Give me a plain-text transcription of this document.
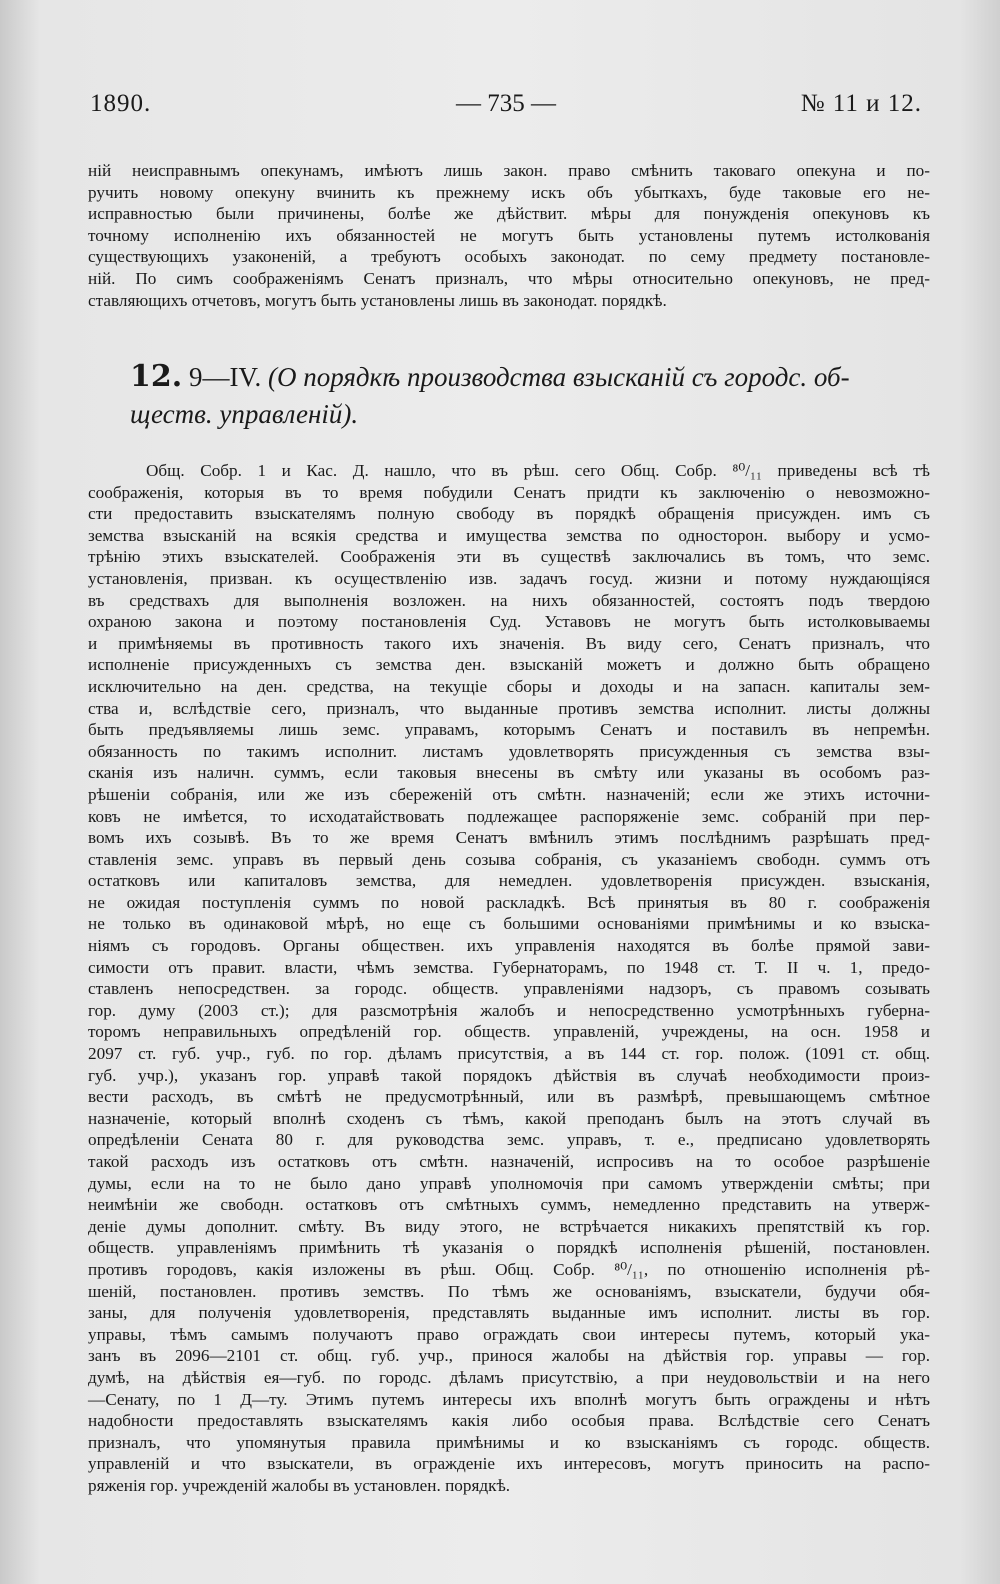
1890.	— 735 —	№ 11 и 12.

ній неисправнымъ опекунамъ, имѣютъ лишь закон. право смѣнить таковаго опекуна и по-

ручить новому опекуну вчинить къ прежнему искъ объ убыткахъ, буде таковые его не-

исправностью были причинены, болѣе же дѣйствит. мѣры для понужденія опекуновъ къ

точному исполненію ихъ обязанностей не могутъ быть установлены путемъ истолкованія

существующихъ узаконеній, а требуютъ особыхъ законодат. по сему предмету постановле-

ній. По симъ соображеніямъ Сенатъ призналъ, что мѣры относительно опекуновъ, не пред-

ставляющихъ отчетовъ, могутъ быть установлены лишь въ законодат. порядкѣ.

12. 9—IV. (О порядкѣ производства взысканій съ городс. об-
ществ. управленій).

Общ. Собр. 1 и Кас. Д. нашло, что въ рѣш. сего Общ. Собр. ⁸⁰/₁₁ приведены всѣ тѣ

соображенія, которыя въ то время побудили Сенатъ придти къ заключенію о невозможно-

сти предоставить взыскателямъ полную свободу въ порядкѣ обращенія присужден. имъ съ

земства взысканій на всякія средства и имущества земства по односторон. выбору и усмо-

трѣнію этихъ взыскателей. Соображенія эти въ существѣ заключались въ томъ, что земс.

установленія, призван. къ осуществленію изв. задачъ госуд. жизни и потому нуждающіяся

въ средствахъ для выполненія возложен. на нихъ обязанностей, состоятъ подъ твердою

охраною закона и поэтому постановленія Суд. Уставовъ не могутъ быть истолковываемы

и примѣняемы въ противность такого ихъ значенія. Въ виду сего, Сенатъ призналъ, что

исполненіе присужденныхъ съ земства ден. взысканій можетъ и должно быть обращено

исключительно на ден. средства, на текущіе сборы и доходы и на запасн. капиталы зем-

ства и, вслѣдствіе сего, призналъ, что выданные противъ земства исполнит. листы должны

быть предъявляемы лишь земс. управамъ, которымъ Сенатъ и поставилъ въ непремѣн.

обязанность по такимъ исполнит. листамъ удовлетворять присужденныя съ земства взы-

сканія изъ наличн. суммъ, если таковыя внесены въ смѣту или указаны въ особомъ раз-

рѣшеніи собранія, или же изъ сбереженій отъ смѣтн. назначеній; если же этихъ источни-

ковъ не имѣется, то исходатайствовать подлежащее распоряженіе земс. собраній при пер-

вомъ ихъ созывѣ. Въ то же время Сенатъ вмѣнилъ этимъ послѣднимъ разрѣшать пред-

ставленія земс. управъ въ первый день созыва собранія, съ указаніемъ свободн. суммъ отъ

остатковъ или капиталовъ земства, для немедлен. удовлетворенія присужден. взысканія,

не ожидая поступленія суммъ по новой раскладкѣ. Всѣ принятыя въ 80 г. соображенія

не только въ одинаковой мѣрѣ, но еще съ большими основаніями примѣнимы и ко взыска-

ніямъ съ городовъ. Органы обществен. ихъ управленія находятся въ болѣе прямой зави-

симости отъ правит. власти, чѣмъ земства. Губернаторамъ, по 1948 ст. Т. II ч. 1, предо-

ставленъ непосредствен. за городс. обществ. управленіями надзоръ, съ правомъ созывать

гор. думу (2003 ст.); для разсмотрѣнія жалобъ и непосредственно усмотрѣнныхъ губерна-

торомъ неправильныхъ опредѣленій гор. обществ. управленій, учреждены, на осн. 1958 и

2097 ст. губ. учр., губ. по гор. дѣламъ присутствія, а въ 144 ст. гор. полож. (1091 ст. общ.

губ. учр.), указанъ гор. управѣ такой порядокъ дѣйствія въ случаѣ необходимости произ-

вести расходъ, въ смѣтѣ не предусмотрѣнный, или въ размѣрѣ, превышающемъ смѣтное

назначеніе, который вполнѣ сходенъ съ тѣмъ, какой преподанъ былъ на этотъ случай въ

опредѣленіи Сената 80 г. для руководства земс. управъ, т. е., предписано удовлетворять

такой расходъ изъ остатковъ отъ смѣтн. назначеній, испросивъ на то особое разрѣшеніе

думы, если на то не было дано управѣ уполномочія при самомъ утвержденіи смѣты; при

неимѣніи же свободн. остатковъ отъ смѣтныхъ суммъ, немедленно представить на утверж-

деніе думы дополнит. смѣту. Въ виду этого, не встрѣчается никакихъ препятствій къ гор.

обществ. управленіямъ примѣнить тѣ указанія о порядкѣ исполненія рѣшеній, постановлен.

противъ городовъ, какія изложены въ рѣш. Общ. Собр. ⁸⁰/₁₁, по отношенію исполненія рѣ-

шеній, постановлен. противъ земствъ. По тѣмъ же основаніямъ, взыскатели, будучи обя-

заны, для полученія удовлетворенія, представлять выданные имъ исполнит. листы въ гор.

управы, тѣмъ самымъ получаютъ право ограждать свои интересы путемъ, который ука-

занъ въ 2096—2101 ст. общ. губ. учр., принося жалобы на дѣйствія гор. управы — гор.

думѣ, на дѣйствія ея—губ. по городс. дѣламъ присутствію, а при неудовольствіи и на него

—Сенату, по 1 Д—ту. Этимъ путемъ интересы ихъ вполнѣ могутъ быть ограждены и нѣтъ

надобности предоставлять взыскателямъ какія либо особыя права. Вслѣдствіе сего Сенатъ

призналъ, что упомянутыя правила примѣнимы и ко взысканіямъ съ городс. обществ.

управленій и что взыскатели, въ огражденіе ихъ интересовъ, могутъ приносить на распо-

ряженія гор. учрежденій жалобы въ установлен. порядкѣ.
